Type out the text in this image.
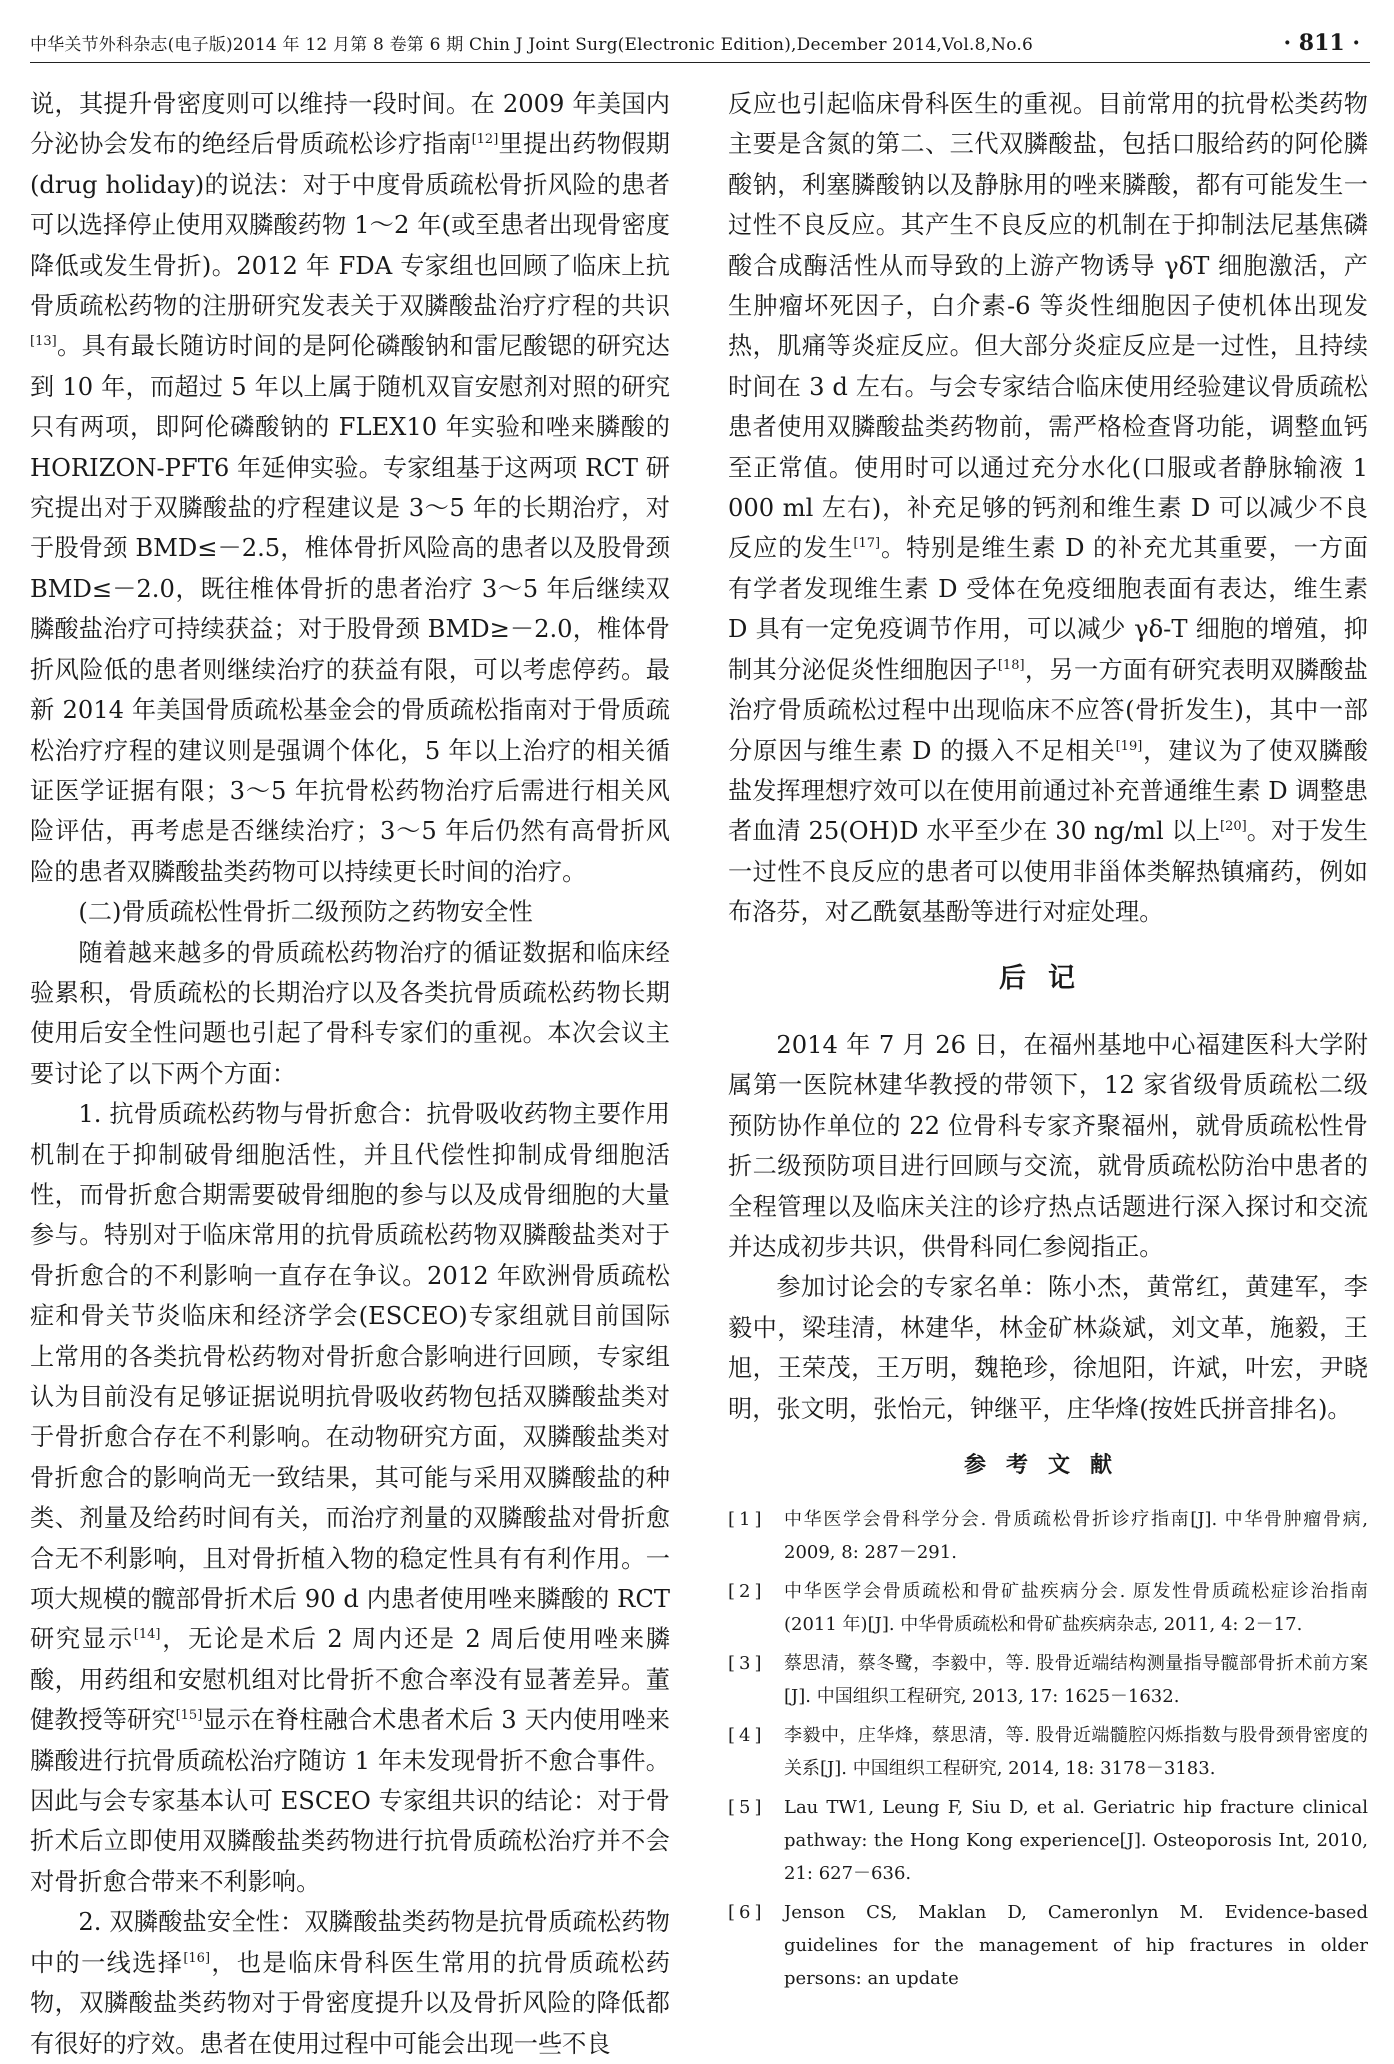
中华关节外科杂志(电子版)2014 年 12 月第 8 卷第 6 期 Chin J Joint Surg(Electronic Edition),December 2014,Vol.8,No.6	· 811 ·

说，其提升骨密度则可以维持一段时间。在 2009 年美国内分泌协会发布的绝经后骨质疏松诊疗指南[12]里提出药物假期(drug holiday)的说法：对于中度骨质疏松骨折风险的患者可以选择停止使用双膦酸药物 1～2 年(或至患者出现骨密度降低或发生骨折)。2012 年 FDA 专家组也回顾了临床上抗骨质疏松药物的注册研究发表关于双膦酸盐治疗疗程的共识[13]。具有最长随访时间的是阿伦磷酸钠和雷尼酸锶的研究达到 10 年，而超过 5 年以上属于随机双盲安慰剂对照的研究只有两项，即阿伦磷酸钠的 FLEX10 年实验和唑来膦酸的 HORIZON-PFT6 年延伸实验。专家组基于这两项 RCT 研究提出对于双膦酸盐的疗程建议是 3～5 年的长期治疗，对于股骨颈 BMD≤－2.5，椎体骨折风险高的患者以及股骨颈 BMD≤－2.0，既往椎体骨折的患者治疗 3～5 年后继续双膦酸盐治疗可持续获益；对于股骨颈 BMD≥－2.0，椎体骨折风险低的患者则继续治疗的获益有限，可以考虑停药。最新 2014 年美国骨质疏松基金会的骨质疏松指南对于骨质疏松治疗疗程的建议则是强调个体化，5 年以上治疗的相关循证医学证据有限；3～5 年抗骨松药物治疗后需进行相关风险评估，再考虑是否继续治疗；3～5 年后仍然有高骨折风险的患者双膦酸盐类药物可以持续更长时间的治疗。

(二)骨质疏松性骨折二级预防之药物安全性

随着越来越多的骨质疏松药物治疗的循证数据和临床经验累积，骨质疏松的长期治疗以及各类抗骨质疏松药物长期使用后安全性问题也引起了骨科专家们的重视。本次会议主要讨论了以下两个方面：

1. 抗骨质疏松药物与骨折愈合：抗骨吸收药物主要作用机制在于抑制破骨细胞活性，并且代偿性抑制成骨细胞活性，而骨折愈合期需要破骨细胞的参与以及成骨细胞的大量参与。特别对于临床常用的抗骨质疏松药物双膦酸盐类对于骨折愈合的不利影响一直存在争议。2012 年欧洲骨质疏松症和骨关节炎临床和经济学会(ESCEO)专家组就目前国际上常用的各类抗骨松药物对骨折愈合影响进行回顾，专家组认为目前没有足够证据说明抗骨吸收药物包括双膦酸盐类对于骨折愈合存在不利影响。在动物研究方面，双膦酸盐类对骨折愈合的影响尚无一致结果，其可能与采用双膦酸盐的种类、剂量及给药时间有关，而治疗剂量的双膦酸盐对骨折愈合无不利影响，且对骨折植入物的稳定性具有有利作用。一项大规模的髋部骨折术后 90 d 内患者使用唑来膦酸的 RCT 研究显示[14]，无论是术后 2 周内还是 2 周后使用唑来膦酸，用药组和安慰机组对比骨折不愈合率没有显著差异。董健教授等研究[15]显示在脊柱融合术患者术后 3 天内使用唑来膦酸进行抗骨质疏松治疗随访 1 年未发现骨折不愈合事件。因此与会专家基本认可 ESCEO 专家组共识的结论：对于骨折术后立即使用双膦酸盐类药物进行抗骨质疏松治疗并不会对骨折愈合带来不利影响。

2. 双膦酸盐安全性：双膦酸盐类药物是抗骨质疏松药物中的一线选择[16]，也是临床骨科医生常用的抗骨质疏松药物，双膦酸盐类药物对于骨密度提升以及骨折风险的降低都有很好的疗效。患者在使用过程中可能会出现一些不良

反应也引起临床骨科医生的重视。目前常用的抗骨松类药物主要是含氮的第二、三代双膦酸盐，包括口服给药的阿伦膦酸钠，利塞膦酸钠以及静脉用的唑来膦酸，都有可能发生一过性不良反应。其产生不良反应的机制在于抑制法尼基焦磷酸合成酶活性从而导致的上游产物诱导 γδT 细胞激活，产生肿瘤坏死因子，白介素-6 等炎性细胞因子使机体出现发热，肌痛等炎症反应。但大部分炎症反应是一过性，且持续时间在 3 d 左右。与会专家结合临床使用经验建议骨质疏松患者使用双膦酸盐类药物前，需严格检查肾功能，调整血钙至正常值。使用时可以通过充分水化(口服或者静脉输液 1 000 ml 左右)，补充足够的钙剂和维生素 D 可以减少不良反应的发生[17]。特别是维生素 D 的补充尤其重要，一方面有学者发现维生素 D 受体在免疫细胞表面有表达，维生素 D 具有一定免疫调节作用，可以减少 γδ-T 细胞的增殖，抑制其分泌促炎性细胞因子[18]，另一方面有研究表明双膦酸盐治疗骨质疏松过程中出现临床不应答(骨折发生)，其中一部分原因与维生素 D 的摄入不足相关[19]，建议为了使双膦酸盐发挥理想疗效可以在使用前通过补充普通维生素 D 调整患者血清 25(OH)D 水平至少在 30 ng/ml 以上[20]。对于发生一过性不良反应的患者可以使用非甾体类解热镇痛药，例如布洛芬，对乙酰氨基酚等进行对症处理。

后记

2014 年 7 月 26 日，在福州基地中心福建医科大学附属第一医院林建华教授的带领下，12 家省级骨质疏松二级预防协作单位的 22 位骨科专家齐聚福州，就骨质疏松性骨折二级预防项目进行回顾与交流，就骨质疏松防治中患者的全程管理以及临床关注的诊疗热点话题进行深入探讨和交流并达成初步共识，供骨科同仁参阅指正。

参加讨论会的专家名单：陈小杰，黄常红，黄建军，李毅中，梁珪清，林建华，林金矿林焱斌，刘文革，施毅，王旭，王荣茂，王万明，魏艳珍，徐旭阳，许斌，叶宏，尹晓明，张文明，张怡元，钟继平，庄华烽(按姓氏拼音排名)。

参考文献

[1]	中华医学会骨科学分会. 骨质疏松骨折诊疗指南[J]. 中华骨肿瘤骨病, 2009, 8: 287－291.
[2]	中华医学会骨质疏松和骨矿盐疾病分会. 原发性骨质疏松症诊治指南(2011 年)[J]. 中华骨质疏松和骨矿盐疾病杂志, 2011, 4: 2－17.
[3]	蔡思清，蔡冬鹭，李毅中，等. 股骨近端结构测量指导髋部骨折术前方案[J]. 中国组织工程研究, 2013, 17: 1625－1632.
[4]	李毅中，庄华烽，蔡思清，等. 股骨近端髓腔闪烁指数与股骨颈骨密度的关系[J]. 中国组织工程研究, 2014, 18: 3178－3183.
[5]	Lau TW1, Leung F, Siu D, et al. Geriatric hip fracture clinical pathway: the Hong Kong experience[J]. Osteoporosis Int, 2010, 21: 627－636.
[6]	Jenson CS, Maklan D, Cameronlyn M. Evidence-based guidelines for the management of hip fractures in older persons: an update
